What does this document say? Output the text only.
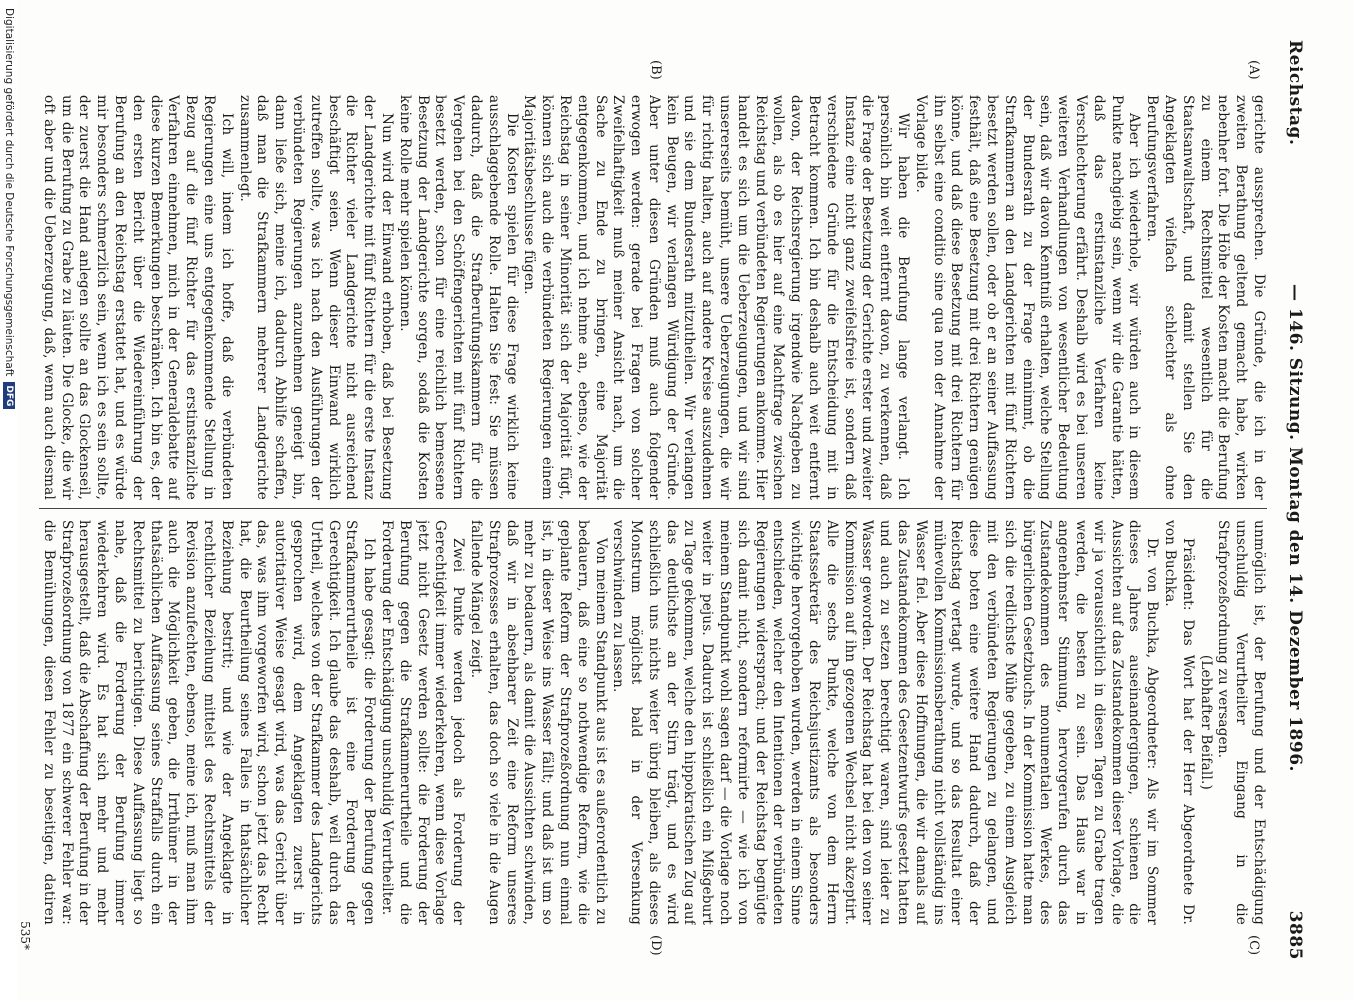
Reichstag.
— 146. Sitzung. Montag den 14. Dezember 1896.
3885
(A)
(B)
(C)
(D)

gerichte aussprechen. Die Gründe, die ich in der zweiten Berathung geltend gemacht habe, wirken nebenher fort. Die Höhe der Kosten macht die Berufung zu einem Rechtsmittel wesentlich für die Staatsanwaltschaft, und damit stellen Sie den Angeklagten vielfach schlechter als ohne Berufungsverfahren.

Aber ich wiederhole, wir würden auch in diesem Punkte nachgiebig sein, wenn wir die Garantie hätten, daß das erstinstanzliche Verfahren keine Verschlechterung erfährt. Deshalb wird es bei unseren weiteren Verhandlungen von wesentlicher Bedeutung sein, daß wir davon Kenntniß erhalten, welche Stellung der Bundesrath zu der Frage einnimmt, ob die Strafkammern an den Landgerichten mit fünf Richtern besetzt werden sollen, oder ob er an seiner Auffassung festhält, daß eine Besetzung mit drei Richtern genügen könne, und daß diese Besetzung mit drei Richtern für ihn selbst eine conditio sine qua non der Annahme der Vorlage bilde.

Wir haben die Berufung lange verlangt. Ich persönlich bin weit entfernt davon, zu verkennen, daß die Frage der Besetzung der Gerichte erster und zweiter Instanz eine nicht ganz zweifelsfreie ist, sondern daß verschiedene Gründe für die Entscheidung mit in Betracht kommen. Ich bin deshalb auch weit entfernt davon, der Reichsregierung irgendwie Nachgeben zu wollen, als ob es hier auf eine Machtfrage zwischen Reichstag und verbündeten Regierungen ankomme. Hier handelt es sich um die Ueberzeugungen, und wir sind unsererseits bemüht, unsere Ueberzeugungen, die wir für richtig halten, auch auf andere Kreise auszudehnen und sie dem Bundesrath mitzutheilen. Wir verlangen kein Beugen, wir verlangen Würdigung der Gründe. Aber unter diesen Gründen muß auch folgender erwogen werden: gerade bei Fragen von solcher Zweifelhaftigkeit muß meiner Ansicht nach, um die Sache zu Ende zu bringen, eine Majorität entgegenkommen, und ich nehme an, ebenso, wie der Reichstag in seiner Minorität sich der Majorität fügt, können sich auch die verbündeten Regierungen einem Majoritätsbeschlusse fügen.

Die Kosten spielen für diese Frage wirklich keine ausschlaggebende Rolle. Halten Sie fest: Sie müssen dadurch, daß die Strafberufungskammern für die Vergehen bei den Schöffengerichten mit fünf Richtern besetzt werden, schon für eine reichlich bemessene Besetzung der Landgerichte sorgen, sodaß die Kosten keine Rolle mehr spielen können.

Nun wird der Einwand erhoben, daß bei Besetzung der Landgerichte mit fünf Richtern für die erste Instanz die Richter vieler Landgerichte nicht ausreichend beschäftigt seien. Wenn dieser Einwand wirklich zutreffen sollte, was ich nach den Ausführungen der verbündeten Regierungen anzunehmen geneigt bin, dann ließe sich, meine ich, dadurch Abhilfe schaffen, daß man die Strafkammern mehrerer Landgerichte zusammenlegt.

Ich will, indem ich hoffe, daß die verbündeten Regierungen eine uns entgegenkommende Stellung in Bezug auf die fünf Richter für das erstinstanzliche Verfahren einnehmen, mich in der Generaldebatte auf diese kurzen Bemerkungen beschränken. Ich bin es, der den ersten Bericht über die Wiedereinführung der Berufung an den Reichstag erstattet hat, und es würde mir besonders schmerzlich sein, wenn ich es sein sollte, der zuerst die Hand anlegen sollte an das Glockenseil, um die Berufung zu Grabe zu läuten. Die Glocke, die wir oft aber und die Ueberzeugung, daß, wenn auch diesmal

unmöglich ist, der Berufung und der Entschädigung unschuldig Verurtheilter Eingang in die Strafprozeßordnung zu versagen.

(Lebhafter Beifall.)

Präsident: Das Wort hat der Herr Abgeordnete Dr. von Buchka.

Dr. von Buchka, Abgeordneter: Als wir im Sommer dieses Jahres auseinandergingen, schienen die Aussichten auf das Zustandekommen dieser Vorlage, die wir ja voraussichtlich in diesen Tagen zu Grabe tragen werden, die besten zu sein. Das Haus war in angenehmster Stimmung, hervorgerufen durch das Zustandekommen des monumentalen Werkes, des bürgerlichen Gesetzbuchs. In der Kommission hatte man sich die redlichste Mühe gegeben, zu einem Ausgleich mit den verbündeten Regierungen zu gelangen, und diese boten eine weitere Hand dadurch, daß der Reichstag vertagt wurde, und so das Resultat einer mühevollen Kommissionsberathung nicht vollständig ins Wasser fiel. Aber diese Hoffnungen, die wir damals auf das Zustandekommen des Gesetzentwurfs gesetzt hatten und auch zu setzen berechtigt waren, sind leider zu Wasser geworden. Der Reichstag hat bei den von seiner Kommission auf ihn gezogenen Wechsel nicht akzeptirt. Alle die sechs Punkte, welche von dem Herrn Staatssekretär des Reichsjustizamts als besonders wichtige hervorgehoben wurden, werden in einem Sinne entschieden, welcher den Intentionen der verbündeten Regierungen widersprach; und der Reichstag begnügte sich damit nicht, sondern reformirte — wie ich von meinem Standpunkt wohl sagen darf — die Vorlage noch weiter in pejus. Dadurch ist schließlich ein Mißgeburt zu Tage gekommen, welche den hippokratischen Zug auf das deutlichste an der Stirn trägt, und es wird schließlich uns nichts weiter übrig bleiben, als dieses Monstrum möglichst bald in der Versenkung verschwinden zu lassen.

Von meinem Standpunkt aus ist es außerordentlich zu bedauern, daß eine so nothwendige Reform, wie die geplante Reform der Strafprozeßordnung nun einmal ist, in dieser Weise ins Wasser fällt; und daß ist um so mehr zu bedauern, als damit die Aussichten schwinden, daß wir in absehbarer Zeit eine Reform unseres Strafprozesses erhalten, das doch so viele in die Augen fallende Mängel zeigt.

Zwei Punkte werden jedoch als Forderung der Gerechtigkeit immer wiederkehren, wenn diese Vorlage jetzt nicht Gesetz werden sollte: die Forderung der Berufung gegen die Strafkammerurtheile und die Forderung der Entschädigung unschuldig Verurtheilter.

Ich habe gesagt: die Forderung der Berufung gegen Strafkammerurtheile ist eine Forderung der Gerechtigkeit. Ich glaube das deshalb, weil durch das Urtheil, welches von der Strafkammer des Landgerichts gesprochen wird, dem Angeklagten zuerst in autoritativer Weise gesagt wird, was das Gericht über das, was ihm vorgeworfen wird, schon jetzt das Recht hat, die Beurtheilung seines Falles in thatsächlicher Beziehung bestritt; und wie der Angeklagte in rechtlicher Beziehung mittelst des Rechtsmittels der Revision anzufechten, ebenso, meine ich, muß man ihm auch die Möglichkeit geben, die Irrthümer in der thatsächlichen Auffassung seines Straffalls durch ein Rechtsmittel zu berichtigen. Diese Auffassung liegt so nahe, daß die Forderung der Berufung immer wiederkehren wird. Es hat sich mehr und mehr herausgestellt, daß die Abschaffung der Berufung in der Strafprozeßordnung von 1877 ein schwerer Fehler war: die Bemühungen, diesen Fehler zu beseitigen, datiren

535*
Digitalisierung gefördert durch die Deutsche Forschungsgemeinschaft
DFG
